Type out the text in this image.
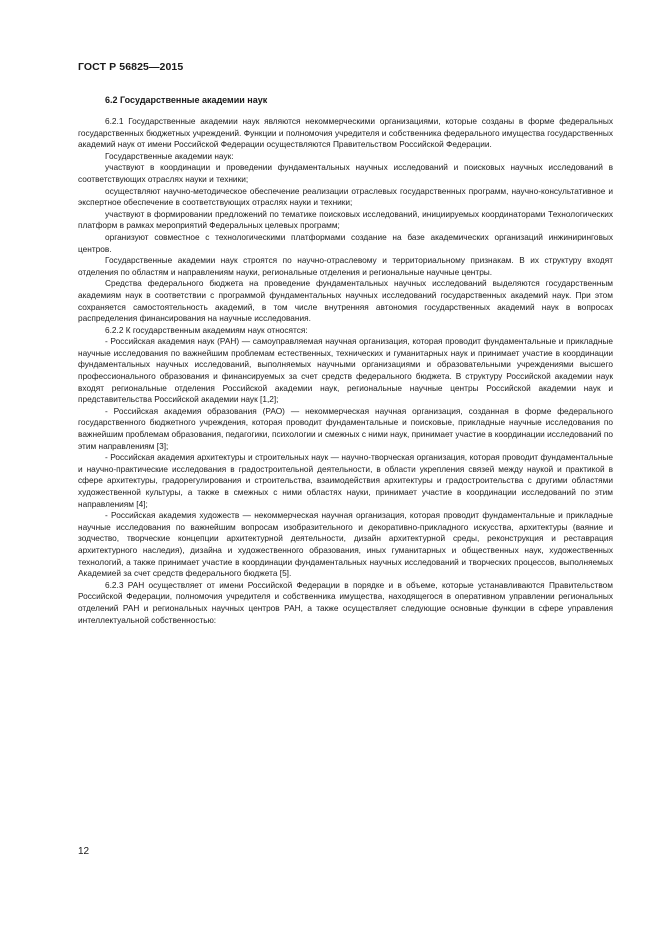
ГОСТ Р 56825—2015

6.2 Государственные академии наук

6.2.1 Государственные академии наук являются некоммерческими организациями, которые созданы в форме федеральных государственных бюджетных учреждений. Функции и полномочия учредителя и собственника федерального имущества государственных академий наук от имени Российской Федерации осуществляются Правительством Российской Федерации.

Государственные академии наук:

участвуют в координации и проведении фундаментальных научных исследований и поисковых научных исследований в соответствующих отраслях науки и техники;

осуществляют научно-методическое обеспечение реализации отраслевых государственных программ, научно-консультативное и экспертное обеспечение в соответствующих отраслях науки и техники;

участвуют в формировании предложений по тематике поисковых исследований, инициируемых координаторами Технологических платформ в рамках мероприятий Федеральных целевых программ;

организуют совместное с технологическими платформами создание на базе академических организаций инжиниринговых центров.

Государственные академии наук строятся по научно-отраслевому и территориальному признакам. В их структуру входят отделения по областям и направлениям науки, региональные отделения и региональные научные центры.

Средства федерального бюджета на проведение фундаментальных научных исследований выделяются государственным академиям наук в соответствии с программой фундаментальных научных исследований государственных академий наук. При этом сохраняется самостоятельность академий, в том числе внутренняя автономия государственных академий наук в вопросах распределения финансирования на научные исследования.

6.2.2 К государственным академиям наук относятся:

- Российская академия наук (РАН) — самоуправляемая научная организация, которая проводит фундаментальные и прикладные научные исследования по важнейшим проблемам естественных, технических и гуманитарных наук и принимает участие в координации фундаментальных научных исследований, выполняемых научными организациями и образовательными учреждениями высшего профессионального образования и финансируемых за счет средств федерального бюджета. В структуру Российской академии наук входят региональные отделения Российской академии наук, региональные научные центры Российской академии наук и представительства Российской академии наук [1,2];

- Российская академия образования (РАО) — некоммерческая научная организация, созданная в форме федерального государственного бюджетного учреждения, которая проводит фундаментальные и поисковые, прикладные научные исследования по важнейшим проблемам образования, педагогики, психологии и смежных с ними наук, принимает участие в координации исследований по этим направлениям [3];

- Российская академия архитектуры и строительных наук — научно-творческая организация, которая проводит фундаментальные и научно-практические исследования в градостроительной деятельности, в области укрепления связей между наукой и практикой в сфере архитектуры, градорегулирования и строительства, взаимодействия архитектуры и градостроительства с другими областями художественной культуры, а также в смежных с ними областях науки, принимает участие в координации исследований по этим направлениям [4];

- Российская академия художеств — некоммерческая научная организация, которая проводит фундаментальные и прикладные научные исследования по важнейшим вопросам изобразительного и декоративно-прикладного искусства, архитектуры (ваяние и зодчество, творческие концепции архитектурной деятельности, дизайн архитектурной среды, реконструкция и реставрация архитектурного наследия), дизайна и художественного образования, иных гуманитарных и общественных наук, художественных технологий, а также принимает участие в координации фундаментальных научных исследований и творческих процессов, выполняемых Академией за счет средств федерального бюджета [5].

6.2.3 РАН осуществляет от имени Российской Федерации в порядке и в объеме, которые устанавливаются Правительством Российской Федерации, полномочия учредителя и собственника имущества, находящегося в оперативном управлении региональных отделений РАН и региональных научных центров РАН, а также осуществляет следующие основные функции в сфере управления интеллектуальной собственностью:

12
